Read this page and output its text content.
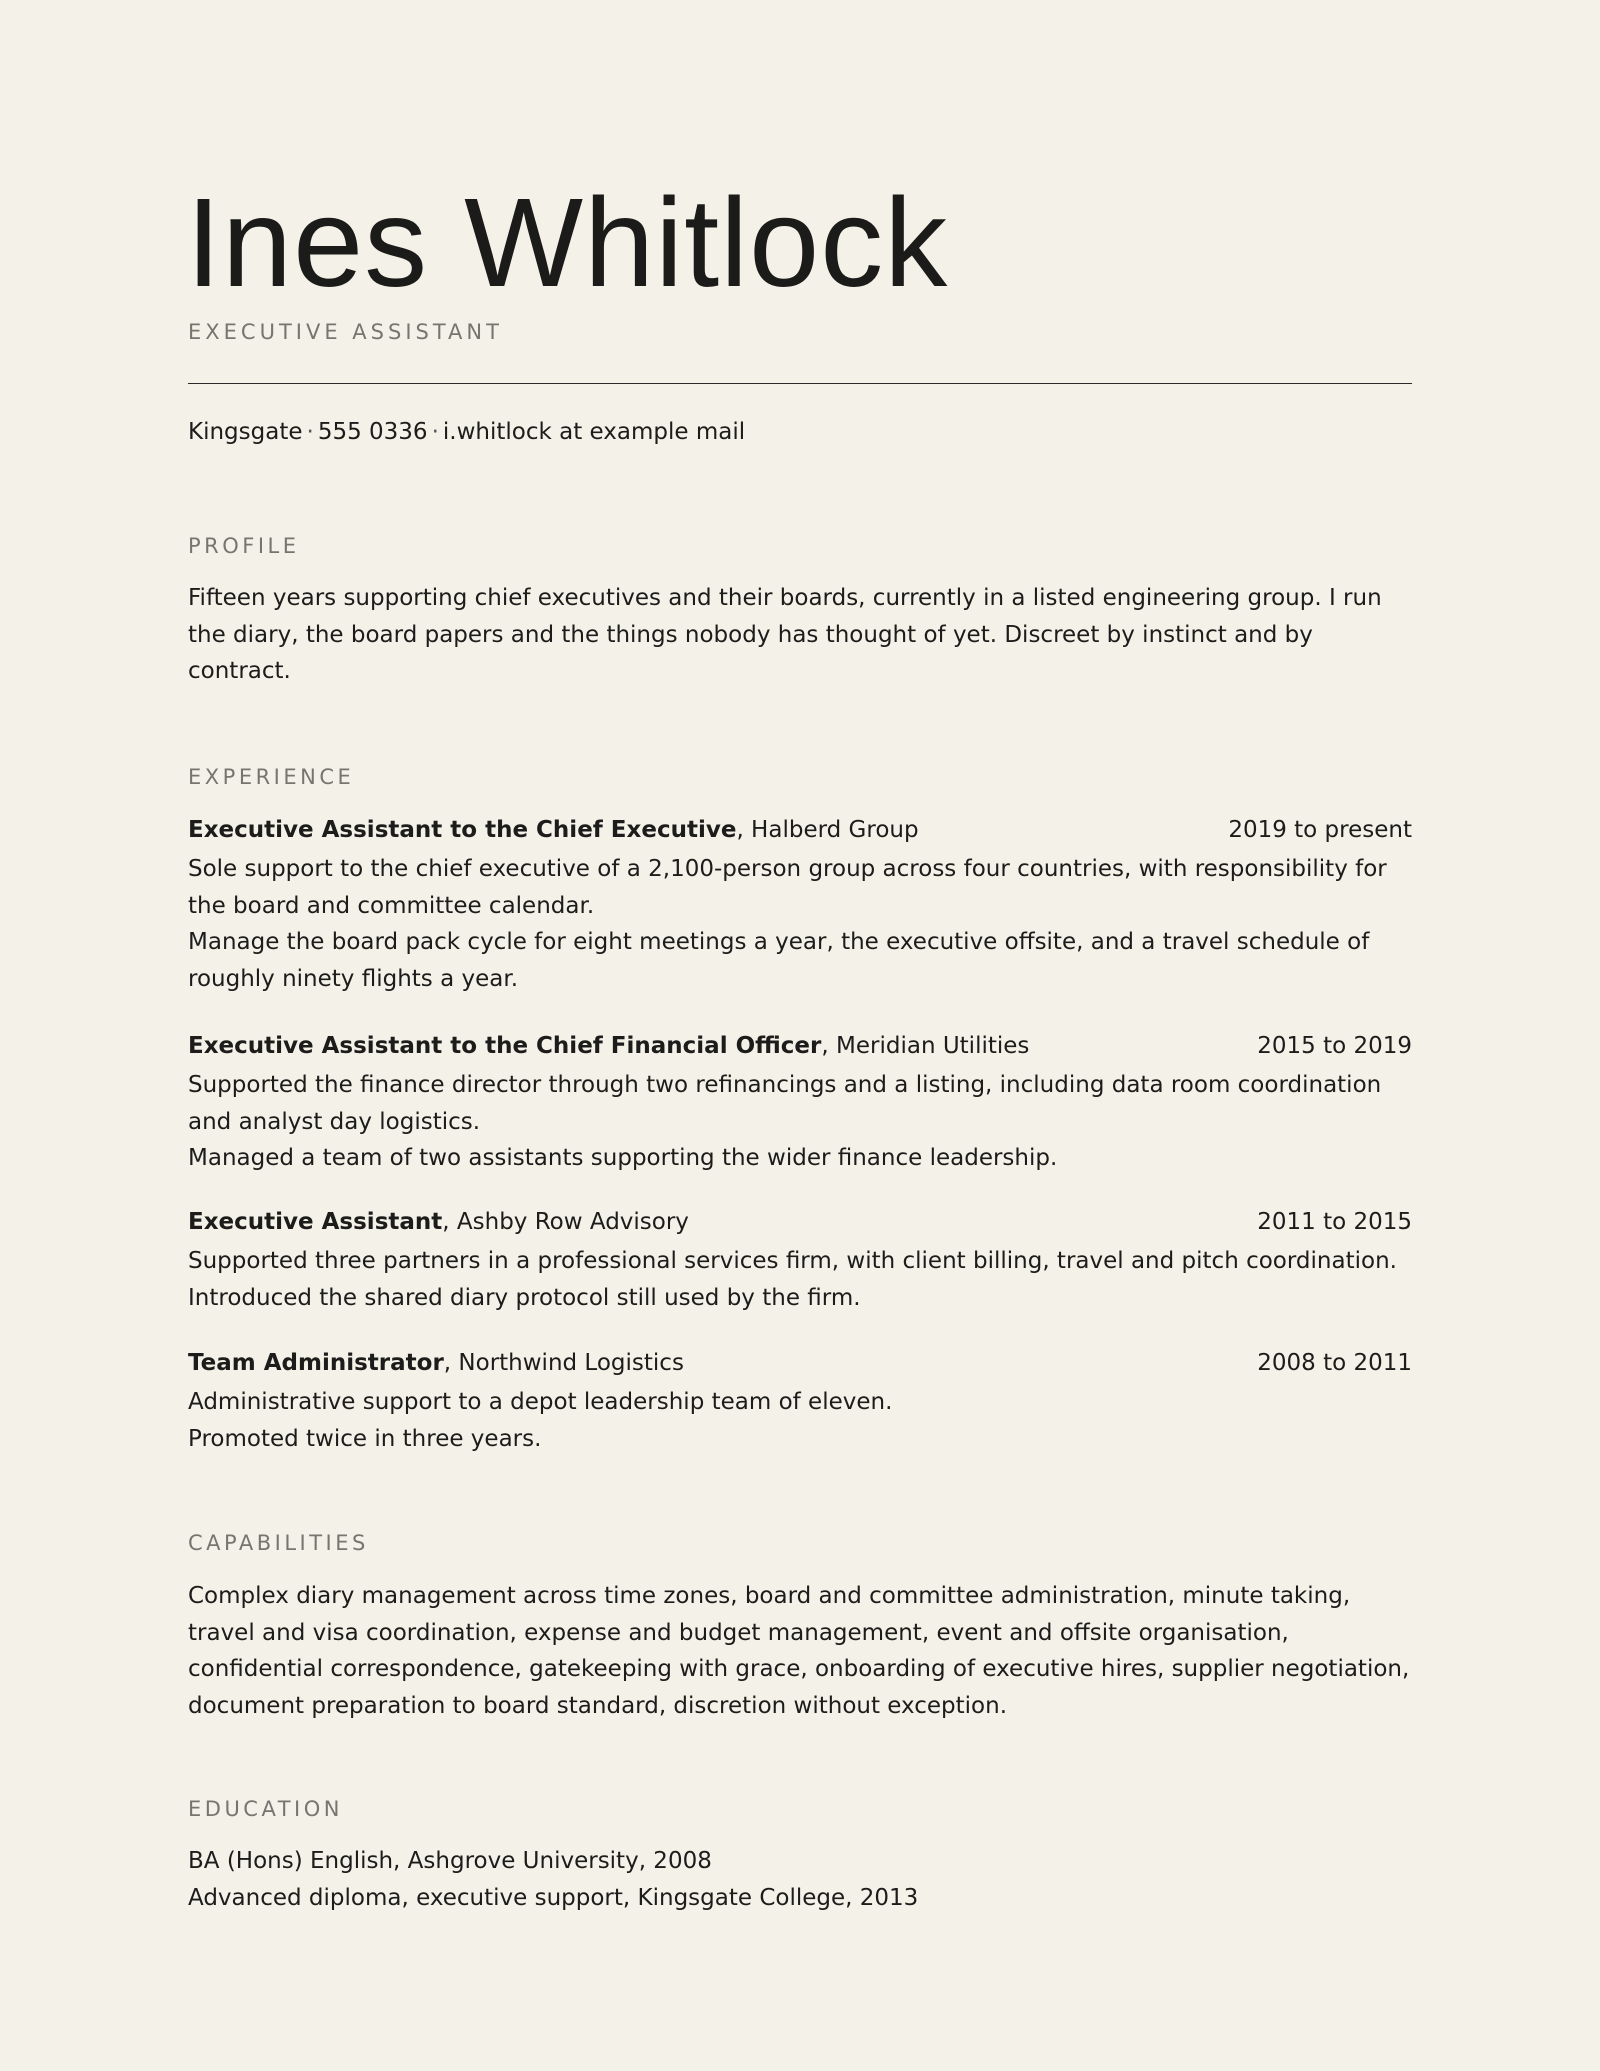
Ines Whitlock
EXECUTIVE ASSISTANT
Kingsgate · 555 0336 · i.whitlock at example mail
PROFILE

Fifteen years supporting chief executives and their boards, currently in a listed engineering group. I run the diary, the board papers and the things nobody has thought of yet. Discreet by instinct and by contract.

EXPERIENCE
Executive Assistant to the Chief Executive, Halberd Group	2019 to present
Sole support to the chief executive of a 2,100-person group across four countries, with responsibility for the board and committee calendar.
Manage the board pack cycle for eight meetings a year, the executive offsite, and a travel schedule of roughly ninety flights a year.
Executive Assistant to the Chief Financial Officer, Meridian Utilities	2015 to 2019
Supported the finance director through two refinancings and a listing, including data room coordination and analyst day logistics.
Managed a team of two assistants supporting the wider finance leadership.
Executive Assistant, Ashby Row Advisory	2011 to 2015
Supported three partners in a professional services firm, with client billing, travel and pitch coordination.
Introduced the shared diary protocol still used by the firm.
Team Administrator, Northwind Logistics	2008 to 2011
Administrative support to a depot leadership team of eleven.
Promoted twice in three years.
CAPABILITIES

Complex diary management across time zones, board and committee administration, minute taking, travel and visa coordination, expense and budget management, event and offsite organisation, confidential correspondence, gatekeeping with grace, onboarding of executive hires, supplier negotiation, document preparation to board standard, discretion without exception.

EDUCATION
BA (Hons) English, Ashgrove University, 2008
Advanced diploma, executive support, Kingsgate College, 2013
